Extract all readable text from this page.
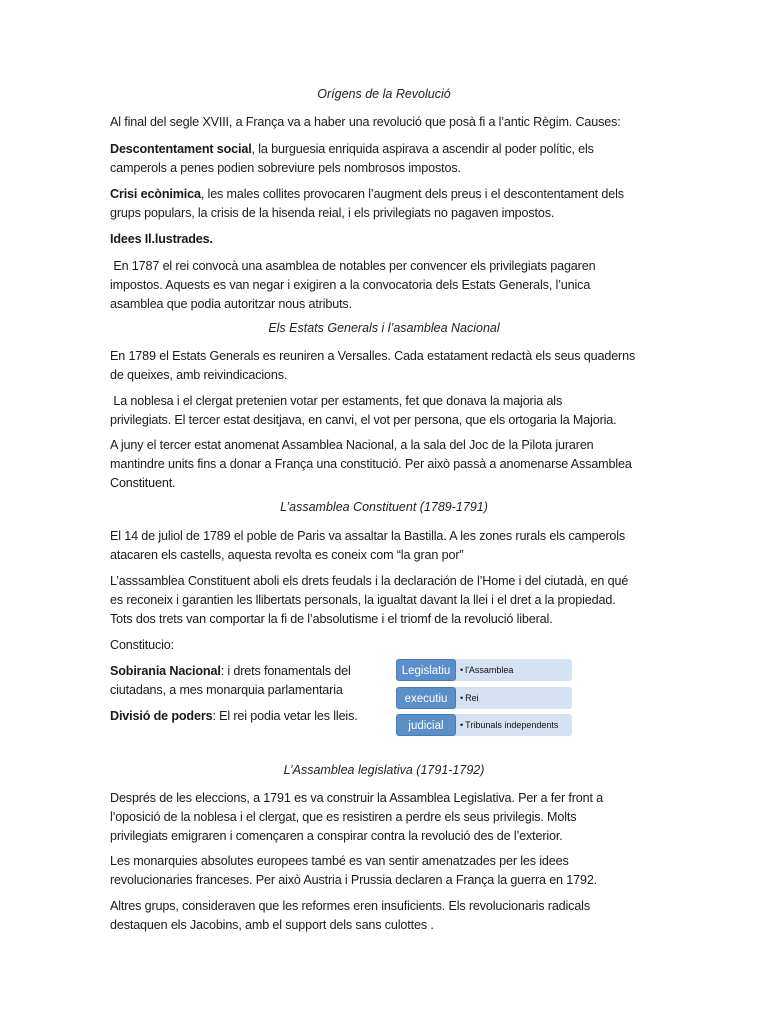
Orígens de la Revolució
Al final del segle XVIII, a França va a haber una revolució que posà fi a l’antic Règim. Causes:
Descontentament social, la burguesia enriquida aspirava a ascendir al poder polític, els
camperols a penes podien sobreviure pels nombrosos impostos.
Crisi ecònimica, les males collites provocaren l’augment dels preus i el descontentament dels
grups populars, la crisis de la hisenda reial, i els privilegiats no pagaven impostos.
Idees Il.lustrades.
En 1787 el rei convocà una asamblea de notables per convencer els privilegiats pagaren
impostos. Aquests es van negar i exigiren a la convocatoria dels Estats Generals, l’unica
asamblea que podia autoritzar nous atributs.
Els Estats Generals i l’asamblea Nacional
En 1789 el Estats Generals es reuniren a Versalles. Cada estatament redactà els seus quaderns
de queixes, amb reivindicacions.
La noblesa i el clergat pretenien votar per estaments, fet que donava la majoria als
privilegiats. El tercer estat desitjava, en canvi, el vot per persona, que els ortogaria la Majoria.
A juny el tercer estat anomenat Assamblea Nacional, a la sala del Joc de la Pilota juraren
mantindre units fins a donar a França una constitució. Per això passà a anomenarse Assamblea
Constituent.
L’assamblea Constituent (1789-1791)
El 14 de juliol de 1789 el poble de Paris va assaltar la Bastilla. A les zones rurals els camperols
atacaren els castells, aquesta revolta es coneix com “la gran por”
L’asssamblea Constituent aboli els drets feudals i la declaración de l’Home i del ciutadà, en qué
es reconeix i garantien les llibertats personals, la igualtat davant la llei i el dret a la propiedad.
Tots dos trets van comportar la fi de l’absolutisme i el triomf de la revolució liberal.
Constitucio:
Sobirania Nacional: i drets fonamentals del
ciutadans, a mes monarquia parlamentaria
Divisió de poders: El rei podia vetar les lleis.
• l'Assamblea
Legislatiu
• Rei
executiu
• Tribunals independents
judicial
L’Assamblea legislativa (1791-1792)
Després de les eleccions, a 1791 es va construir la Assamblea Legislativa. Per a fer front a
l’oposició de la noblesa i el clergat, que es resistiren a perdre els seus privilegis. Molts
privilegiats emigraren i començaren a conspirar contra la revolució des de l’exterior.
Les monarquies absolutes europees també es van sentir amenatzades per les idees
revolucionaries franceses. Per això Austria i Prussia declaren a França la guerra en 1792.
Altres grups, consideraven que les reformes eren insuficients. Els revolucionaris radicals
destaquen els Jacobins, amb el support dels sans culottes .
